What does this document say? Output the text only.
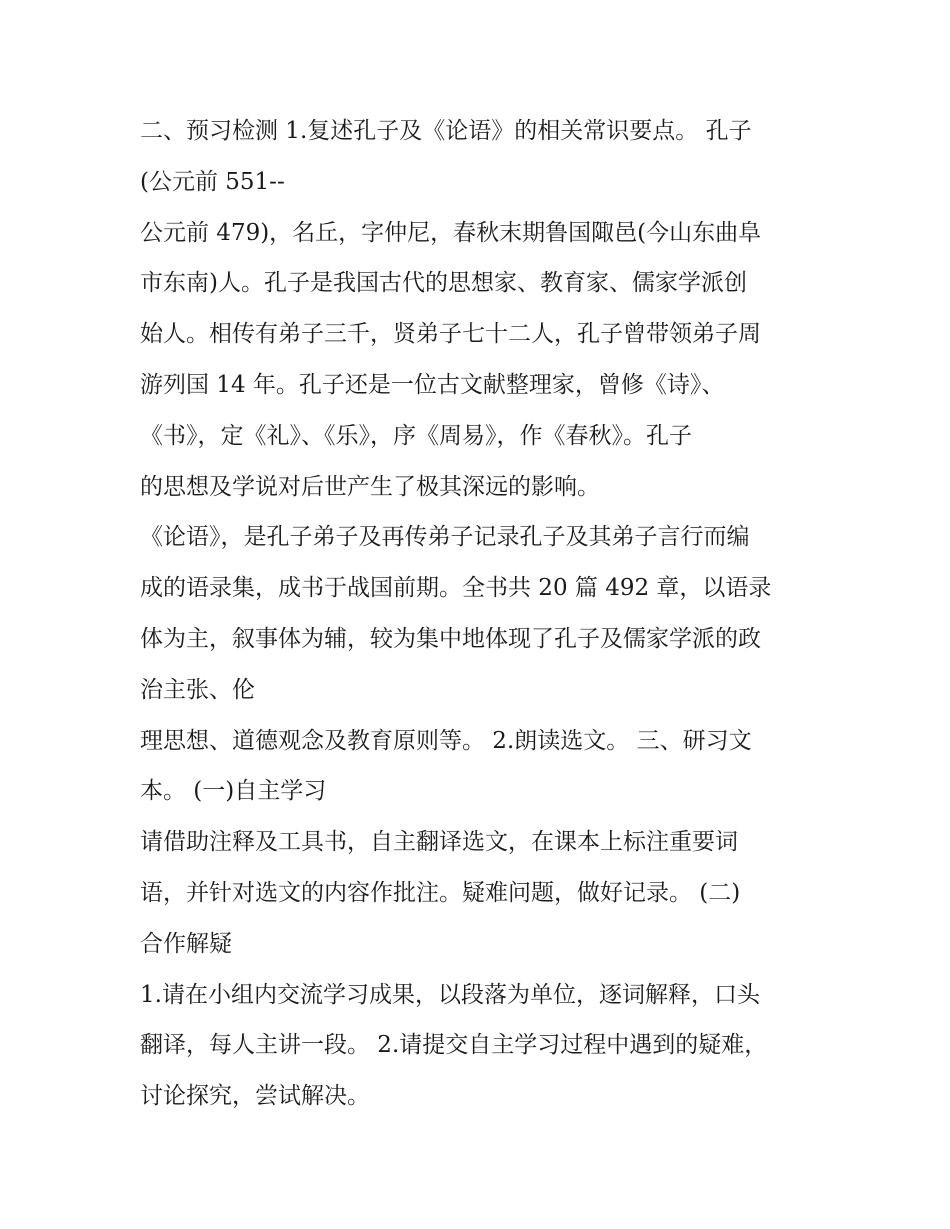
二、预习检测 1.复述孔子及《论语》的相关常识要点。 孔子
(公元前 551--
公元前 479)，名丘，字仲尼，春秋末期鲁国陬邑(今山东曲阜
市东南)人。孔子是我国古代的思想家、教育家、儒家学派创
始人。相传有弟子三千，贤弟子七十二人，孔子曾带领弟子周
游列国 14 年。孔子还是一位古文献整理家，曾修《诗》、
《书》，定《礼》、《乐》，序《周易》，作《春秋》。孔子
的思想及学说对后世产生了极其深远的影响。
《论语》，是孔子弟子及再传弟子记录孔子及其弟子言行而编
成的语录集，成书于战国前期。全书共 20 篇 492 章，以语录
体为主，叙事体为辅，较为集中地体现了孔子及儒家学派的政
治主张、伦
理思想、道德观念及教育原则等。 2.朗读选文。 三、研习文
本。 (一)自主学习
请借助注释及工具书，自主翻译选文，在课本上标注重要词
语，并针对选文的内容作批注。疑难问题，做好记录。 (二)
合作解疑
1.请在小组内交流学习成果，以段落为单位，逐词解释，口头
翻译，每人主讲一段。 2.请提交自主学习过程中遇到的疑难，
讨论探究，尝试解决。
